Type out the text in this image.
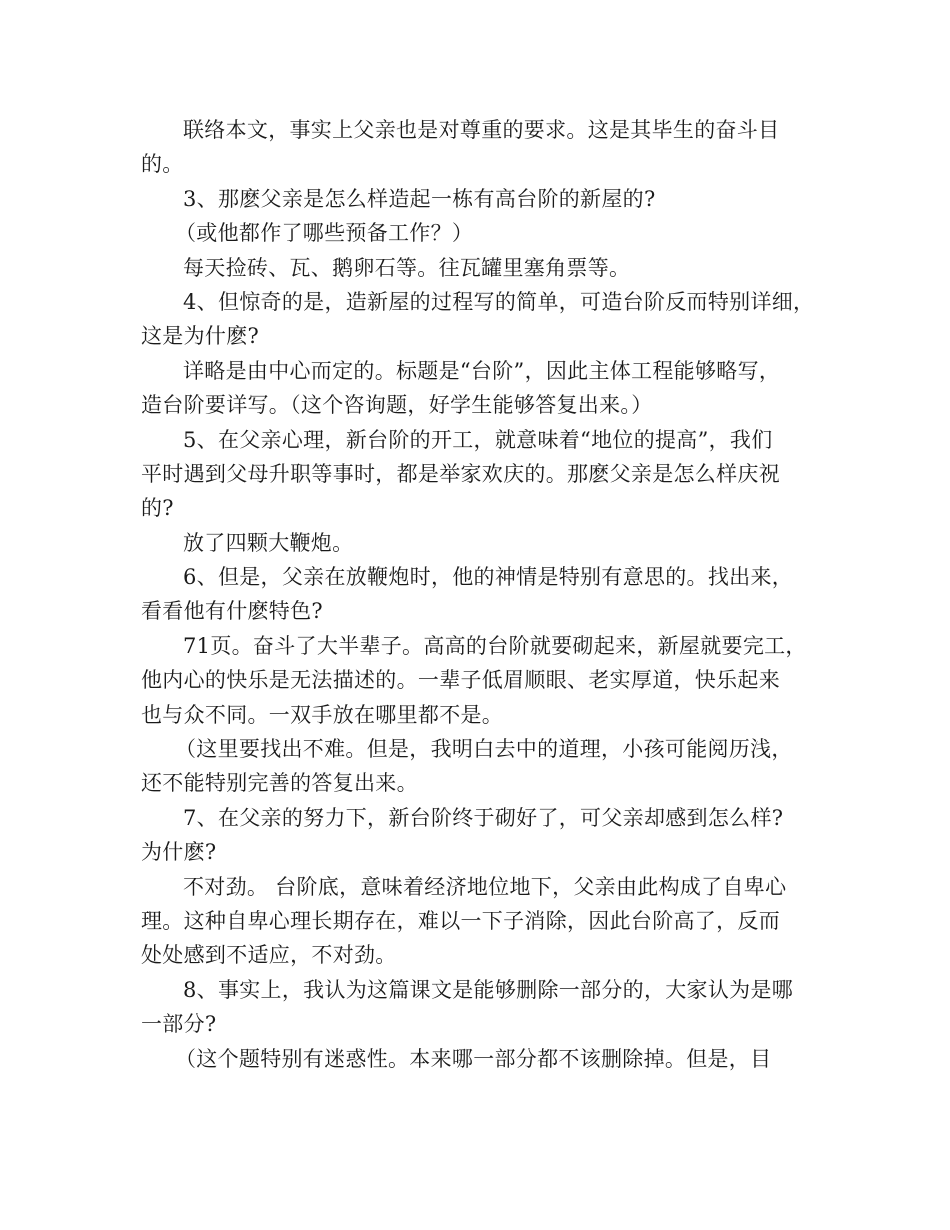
联络本文，事实上父亲也是对尊重的要求。这是其毕生的奋斗目
的。
3、那麽父亲是怎么样造起一栋有高台阶的新屋的?
（或他都作了哪些预备工作？）
每天捡砖、瓦、鹅卵石等。往瓦罐里塞角票等。
4、但惊奇的是，造新屋的过程写的简单，可造台阶反而特别详细，
这是为什麽?
详略是由中心而定的。标题是“台阶”，因此主体工程能够略写，
造台阶要详写。（这个咨询题，好学生能够答复出来。）
5、在父亲心理，新台阶的开工，就意味着“地位的提高”，我们
平时遇到父母升职等事时，都是举家欢庆的。那麽父亲是怎么样庆祝
的?
放了四颗大鞭炮。
6、但是，父亲在放鞭炮时，他的神情是特别有意思的。找出来，
看看他有什麽特色?
71页。奋斗了大半辈子。高高的台阶就要砌起来，新屋就要完工，
他内心的快乐是无法描述的。一辈子低眉顺眼、老实厚道，快乐起来
也与众不同。一双手放在哪里都不是。
（这里要找出不难。但是，我明白去中的道理，小孩可能阅历浅，
还不能特别完善的答复出来。
7、在父亲的努力下，新台阶终于砌好了，可父亲却感到怎么样?
为什麽?
不对劲。 台阶底，意味着经济地位地下，父亲由此构成了自卑心
理。这种自卑心理长期存在，难以一下子消除，因此台阶高了，反而
处处感到不适应，不对劲。
8、事实上，我认为这篇课文是能够删除一部分的，大家认为是哪
一部分?
（这个题特别有迷惑性。本来哪一部分都不该删除掉。但是，目
